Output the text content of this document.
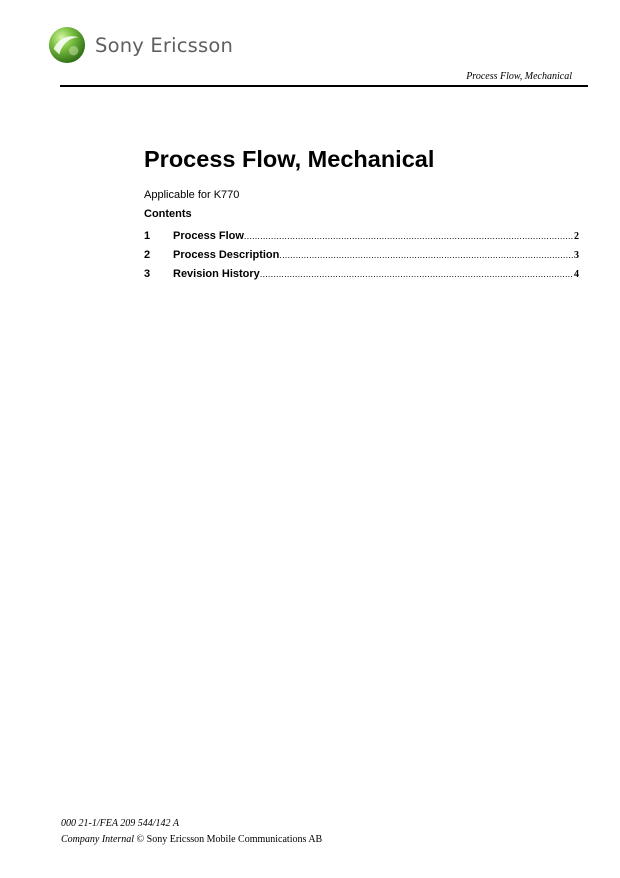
Sony Ericsson
Process Flow, Mechanical
Process Flow, Mechanical
Applicable for K770
Contents
1	Process Flow .....	2
2	Process Description .....	3
3	Revision History .....	4
000 21-1/FEA 209 544/142 A
Company Internal © Sony Ericsson Mobile Communications AB
